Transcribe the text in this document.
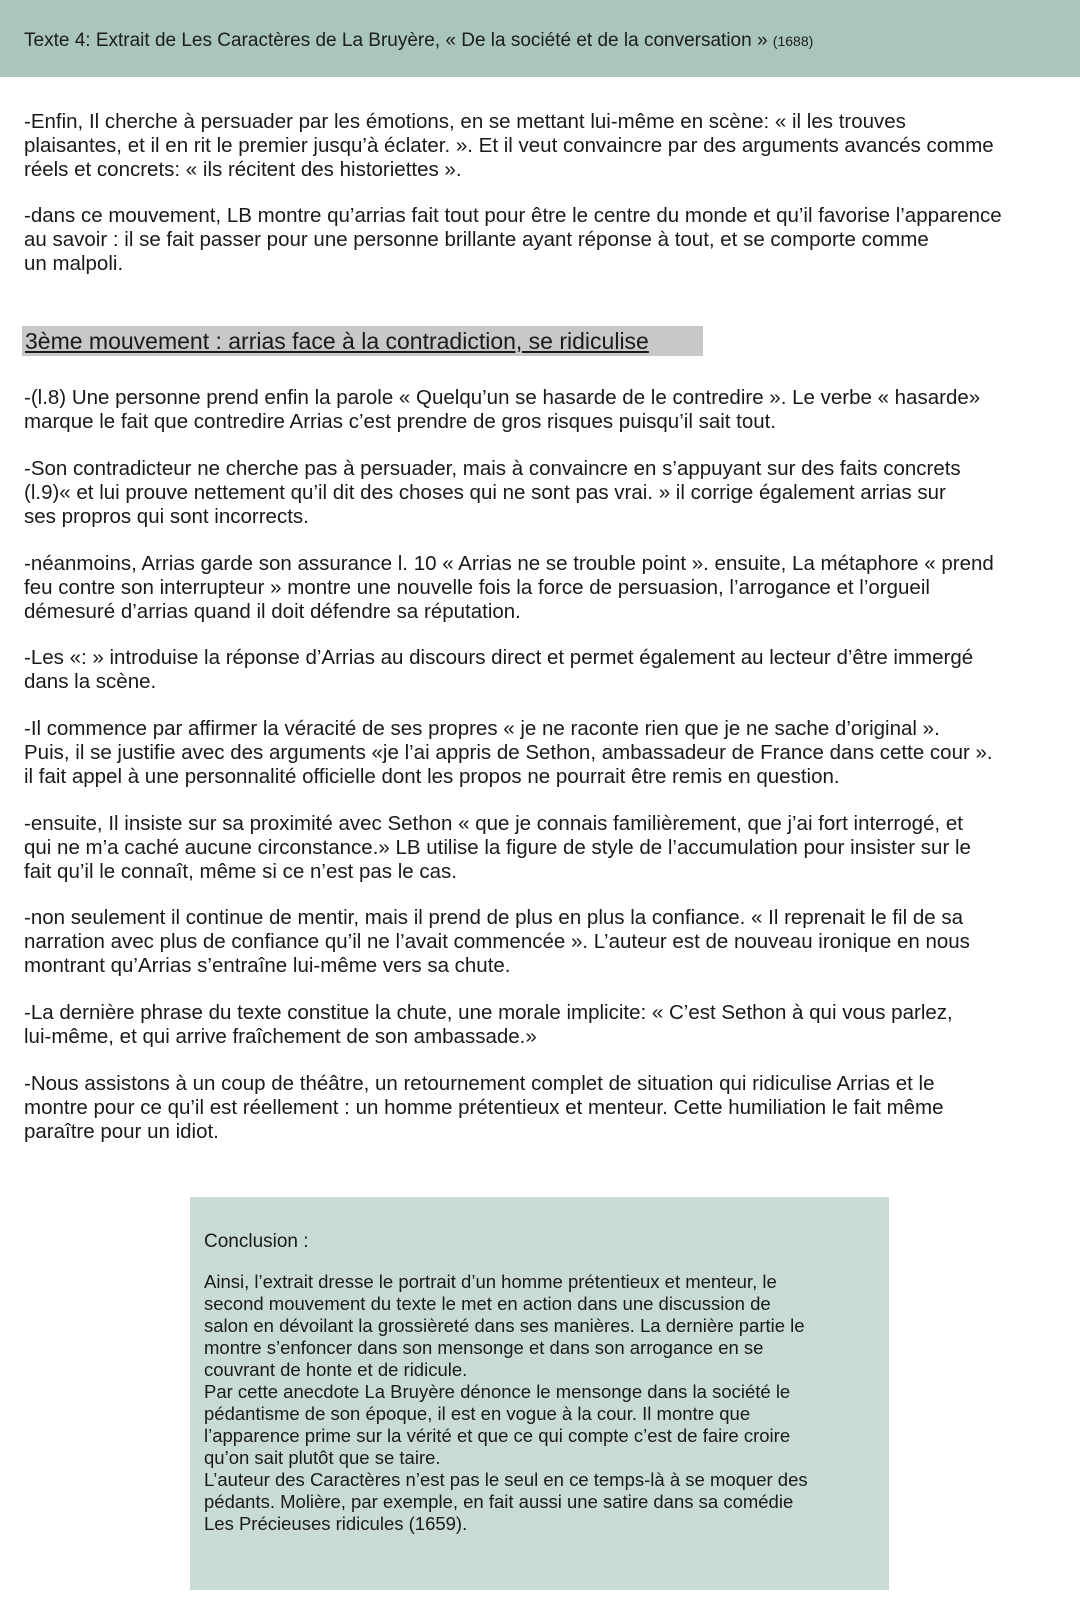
Texte 4: Extrait de Les Caractères de La Bruyère, « De la société et de la conversation » (1688)

-Enfin, Il cherche à persuader par les émotions, en se mettant lui-même en scène: « il les trouves
plaisantes, et il en rit le premier jusqu’à éclater. ». Et il veut convaincre par des arguments avancés comme
réels et concrets: « ils récitent des historiettes ».

-dans ce mouvement, LB montre qu’arrias fait tout pour être le centre du monde et qu’il favorise l’apparence
au savoir : il se fait passer pour une personne brillante ayant réponse à tout, et se comporte comme
un malpoli.

3ème mouvement : arrias face à la contradiction, se ridiculise

-(l.8) Une personne prend enfin la parole « Quelqu’un se hasarde de le contredire ». Le verbe « hasarde»
marque le fait que contredire Arrias c’est prendre de gros risques puisqu’il sait tout.

-Son contradicteur ne cherche pas à persuader, mais à convaincre en s’appuyant sur des faits concrets
(l.9)« et lui prouve nettement qu’il dit des choses qui ne sont pas vrai. » il corrige également arrias sur
ses propros qui sont incorrects.

-néanmoins, Arrias garde son assurance l. 10 « Arrias ne se trouble point ». ensuite, La métaphore « prend
feu contre son interrupteur » montre une nouvelle fois la force de persuasion, l’arrogance et l’orgueil
démesuré d’arrias quand il doit défendre sa réputation.

-Les «: » introduise la réponse d’Arrias au discours direct et permet également au lecteur d’être immergé
dans la scène.

-Il commence par affirmer la véracité de ses propres « je ne raconte rien que je ne sache d’original ».
Puis, il se justifie avec des arguments «je l’ai appris de Sethon, ambassadeur de France dans cette cour ».
il fait appel à une personnalité officielle dont les propos ne pourrait être remis en question.

-ensuite, Il insiste sur sa proximité avec Sethon « que je connais familièrement, que j’ai fort interrogé, et
qui ne m’a caché aucune circonstance.» LB utilise la figure de style de l’accumulation pour insister sur le
fait qu’il le connaît, même si ce n’est pas le cas.

-non seulement il continue de mentir, mais il prend de plus en plus la confiance. « Il reprenait le fil de sa
narration avec plus de confiance qu’il ne l’avait commencée ». L’auteur est de nouveau ironique en nous
montrant qu’Arrias s’entraîne lui-même vers sa chute.

-La dernière phrase du texte constitue la chute, une morale implicite: « C’est Sethon à qui vous parlez,
lui-même, et qui arrive fraîchement de son ambassade.»

-Nous assistons à un coup de théâtre, un retournement complet de situation qui ridiculise Arrias et le
montre pour ce qu’il est réellement : un homme prétentieux et menteur. Cette humiliation le fait même
paraître pour un idiot.

Conclusion :

Ainsi, l’extrait dresse le portrait d’un homme prétentieux et menteur, le
second mouvement du texte le met en action dans une discussion de
salon en dévoilant la grossièreté dans ses manières. La dernière partie le
montre s’enfoncer dans son mensonge et dans son arrogance en se
couvrant de honte et de ridicule.
Par cette anecdote La Bruyère dénonce le mensonge dans la société le
pédantisme de son époque, il est en vogue à la cour. Il montre que
l’apparence prime sur la vérité et que ce qui compte c’est de faire croire
qu’on sait plutôt que se taire.
L’auteur des Caractères n’est pas le seul en ce temps-là à se moquer des
pédants. Molière, par exemple, en fait aussi une satire dans sa comédie
Les Précieuses ridicules (1659).
